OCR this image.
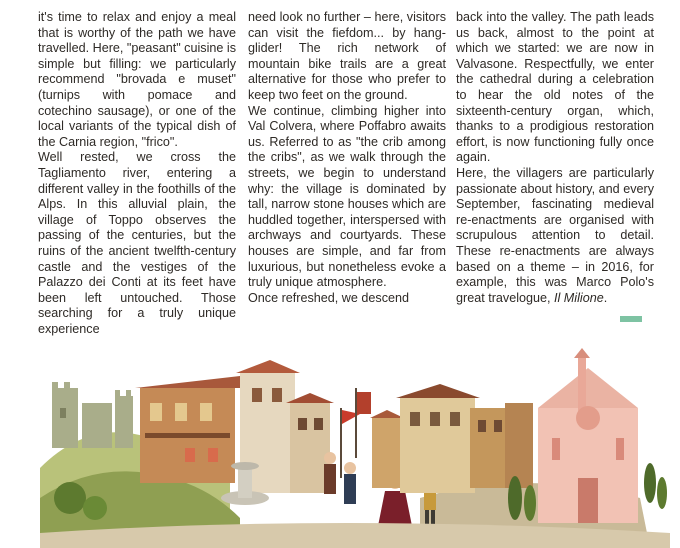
it's time to relax and enjoy a meal that is worthy of the path we have travelled. Here, "peasant" cuisine is simple but filling: we particularly recommend "brovada e muset" (turnips with pomace and cotechino sausage), or one of the local variants of the typical dish of the Carnia region, "frico".

Well rested, we cross the Tagliamento river, entering a different valley in the foothills of the Alps. In this alluvial plain, the village of Toppo observes the passing of the centuries, but the ruins of the ancient twelfth-century castle and the vestiges of the Palazzo dei Conti at its feet have been left untouched. Those searching for a truly unique experience

need look no further – here, visitors can visit the fiefdom... by hang-glider! The rich network of mountain bike trails are a great alternative for those who prefer to keep two feet on the ground.

We continue, climbing higher into Val Colvera, where Poffabro awaits us. Referred to as "the crib among the cribs", as we walk through the streets, we begin to understand why: the village is dominated by tall, narrow stone houses which are huddled together, interspersed with archways and courtyards. These houses are simple, and far from luxurious, but nonetheless evoke a truly unique atmosphere.

Once refreshed, we descend

back into the valley. The path leads us back, almost to the point at which we started: we are now in Valvasone. Respectfully, we enter the cathedral during a celebration to hear the old notes of the sixteenth-century organ, which, thanks to a prodigious restoration effort, is now functioning fully once again.

Here, the villagers are particularly passionate about history, and every September, fascinating medieval re-enactments are organised with scrupulous attention to detail. These re-enactments are always based on a theme – in 2016, for example, this was Marco Polo's great travelogue, Il Milione.
